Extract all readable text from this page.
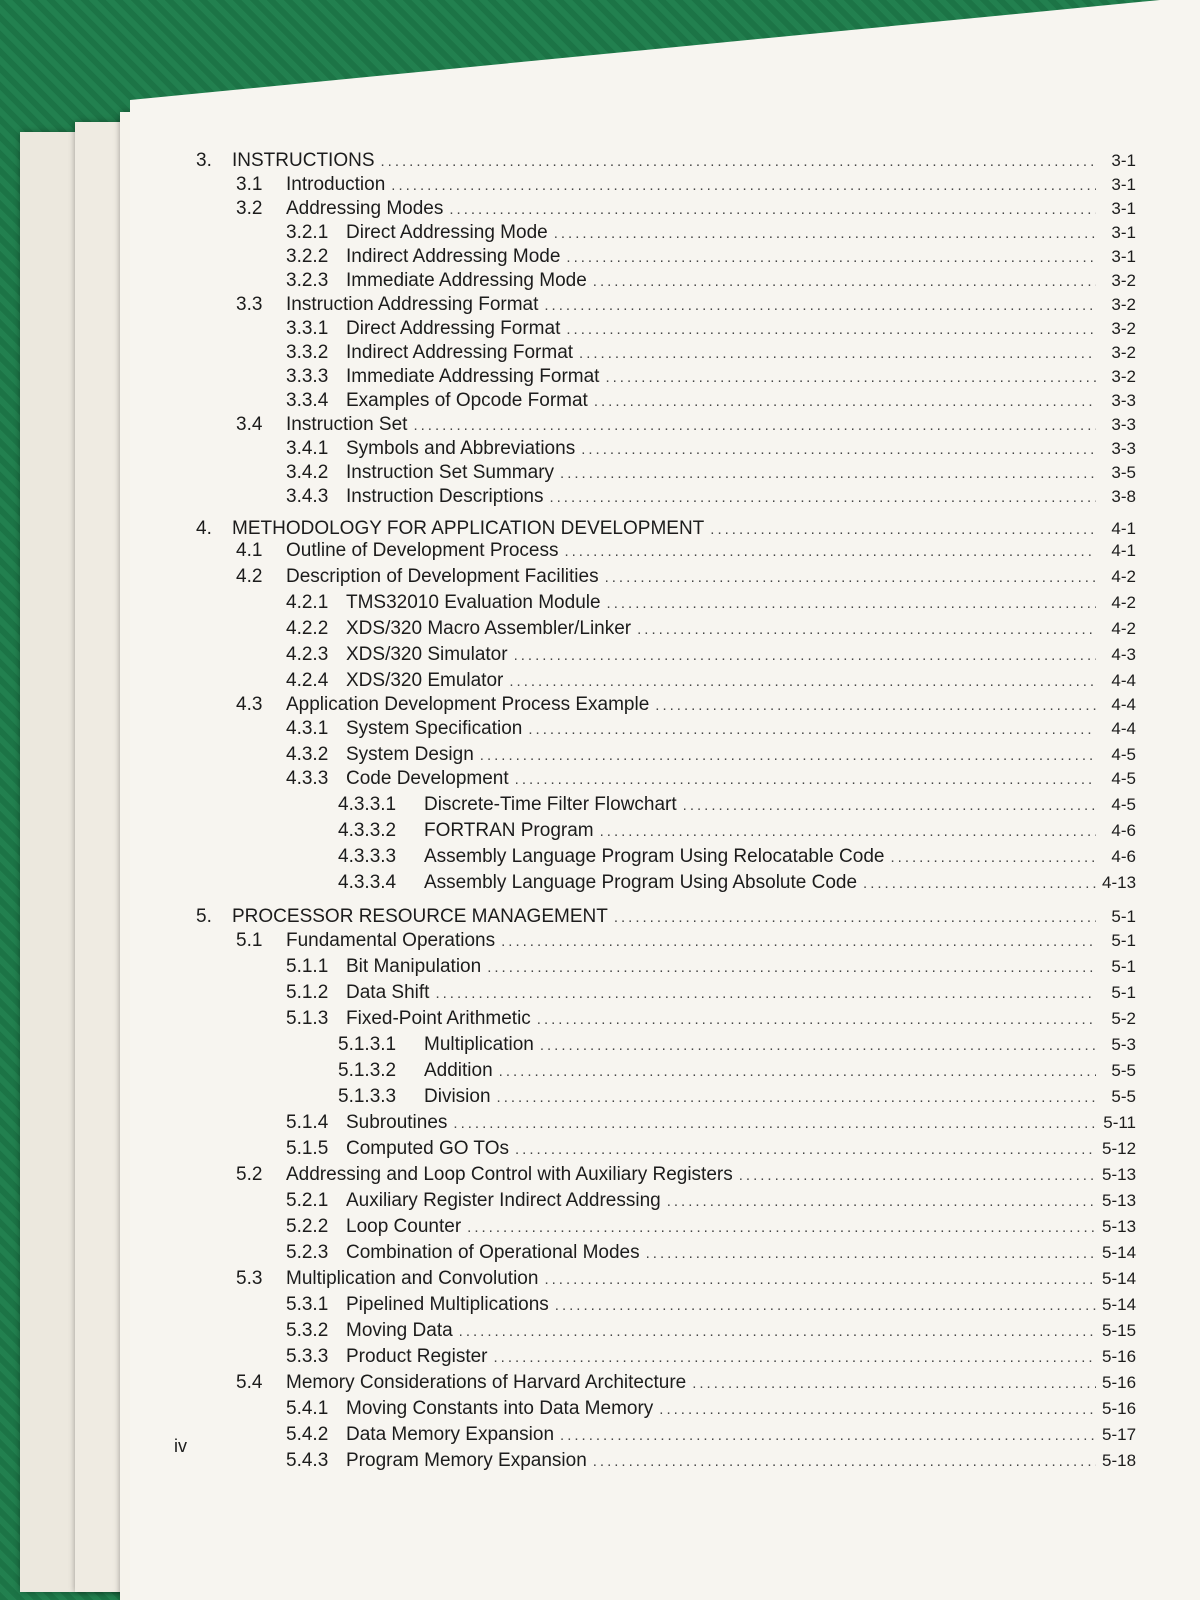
3.	INSTRUCTIONS .....	3-1
3.1	Introduction .....	3-1
3.2	Addressing Modes .....	3-1
3.2.1 Direct Addressing Mode .....	3-1
3.2.2 Indirect Addressing Mode .....	3-1
3.2.3 Immediate Addressing Mode .....	3-2
3.3	Instruction Addressing Format .....	3-2
3.3.1 Direct Addressing Format .....	3-2
3.3.2 Indirect Addressing Format .....	3-2
3.3.3 Immediate Addressing Format .....	3-2
3.3.4 Examples of Opcode Format .....	3-3
3.4	Instruction Set .....	3-3
3.4.1 Symbols and Abbreviations .....	3-3
3.4.2 Instruction Set Summary .....	3-5
3.4.3 Instruction Descriptions .....	3-8
4.	METHODOLOGY FOR APPLICATION DEVELOPMENT .....	4-1
4.1	Outline of Development Process .....	4-1
4.2	Description of Development Facilities .....	4-2
4.2.1 TMS32010 Evaluation Module .....	4-2
4.2.2 XDS/320 Macro Assembler/Linker .....	4-2
4.2.3 XDS/320 Simulator .....	4-3
4.2.4 XDS/320 Emulator .....	4-4
4.3	Application Development Process Example .....	4-4
4.3.1 System Specification .....	4-4
4.3.2 System Design .....	4-5
4.3.3 Code Development .....	4-5
4.3.3.1	Discrete-Time Filter Flowchart .....	4-5
4.3.3.2	FORTRAN Program .....	4-6
4.3.3.3	Assembly Language Program Using Relocatable Code .....	4-6
4.3.3.4	Assembly Language Program Using Absolute Code .....	4-13
5.	PROCESSOR RESOURCE MANAGEMENT .....	5-1
5.1	Fundamental Operations .....	5-1
5.1.1 Bit Manipulation .....	5-1
5.1.2 Data Shift .....	5-1
5.1.3 Fixed-Point Arithmetic .....	5-2
5.1.3.1	Multiplication .....	5-3
5.1.3.2	Addition .....	5-5
5.1.3.3	Division .....	5-5
5.1.4 Subroutines .....	5-11
5.1.5 Computed GO TOs .....	5-12
5.2	Addressing and Loop Control with Auxiliary Registers .....	5-13
5.2.1 Auxiliary Register Indirect Addressing .....	5-13
5.2.2 Loop Counter .....	5-13
5.2.3 Combination of Operational Modes .....	5-14
5.3	Multiplication and Convolution .....	5-14
5.3.1 Pipelined Multiplications .....	5-14
5.3.2 Moving Data .....	5-15
5.3.3 Product Register .....	5-16
5.4	Memory Considerations of Harvard Architecture .....	5-16
5.4.1 Moving Constants into Data Memory .....	5-16
5.4.2 Data Memory Expansion .....	5-17
5.4.3 Program Memory Expansion .....	5-18
iv
